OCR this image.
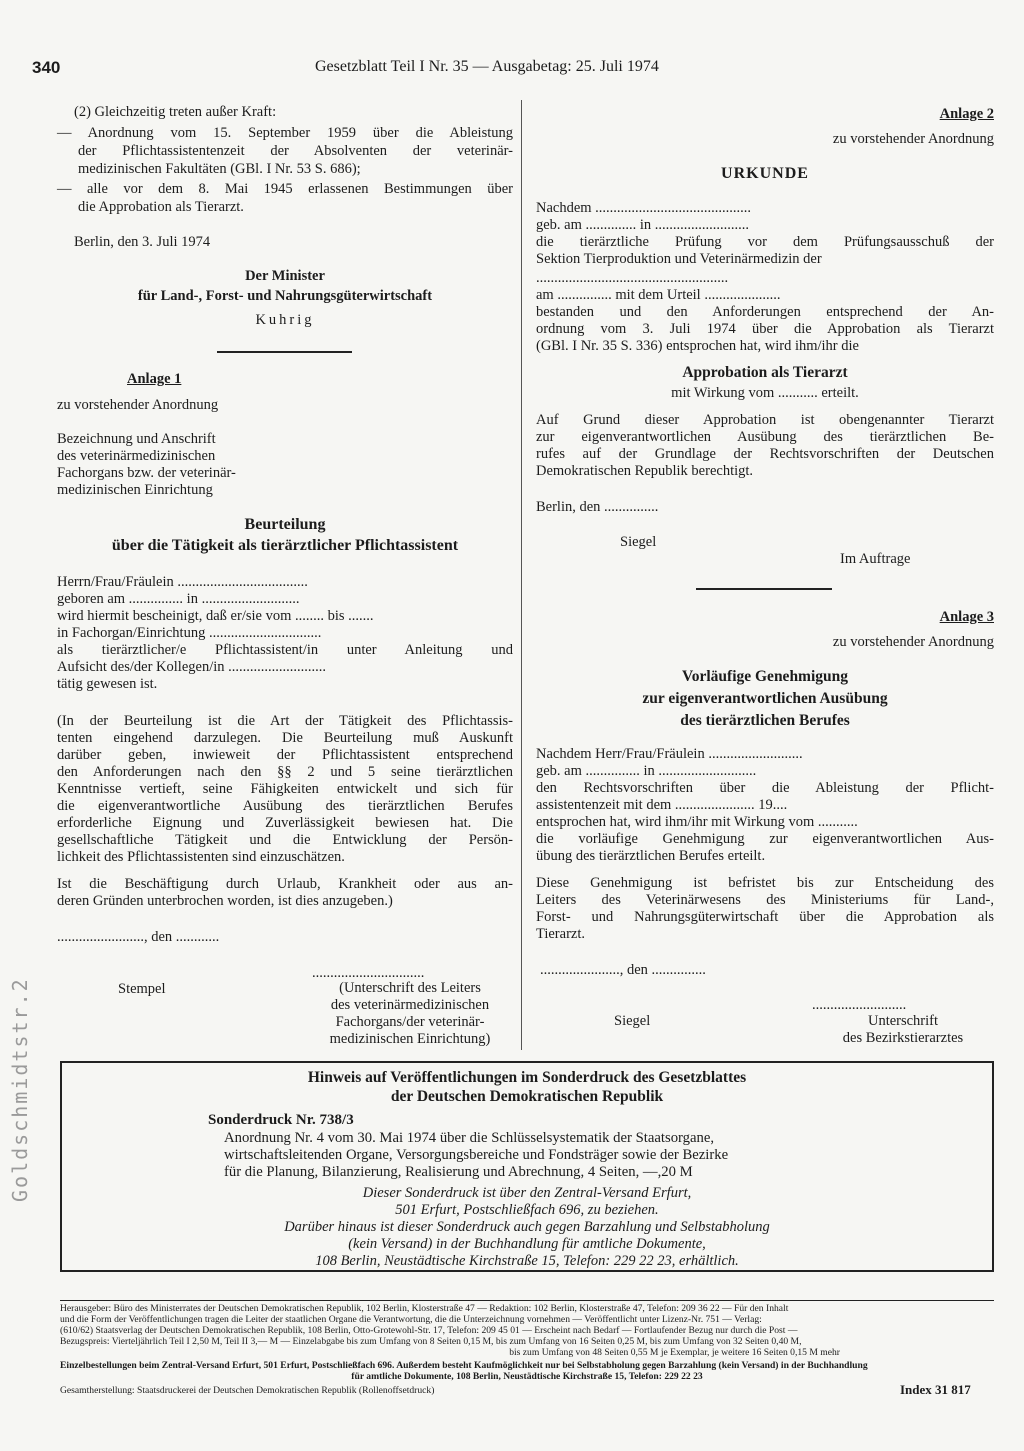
340	Gesetzblatt Teil I Nr. 35 — Ausgabetag: 25. Juli 1974
(2) Gleichzeitig treten außer Kraft:
— Anordnung vom 15. September 1959 über die Ableistung
der Pflichtassistentenzeit der Absolventen der veterinär-
medizinischen Fakultäten (GBl. I Nr. 53 S. 686);
— alle vor dem 8. Mai 1945 erlassenen Bestimmungen über
die Approbation als Tierarzt.
Berlin, den 3. Juli 1974
Der Minister
für Land-, Forst- und Nahrungsgüterwirtschaft
Kuhrig
Anlage 1
zu vorstehender Anordnung
Bezeichnung und Anschrift
des veterinärmedizinischen
Fachorgans bzw. der veterinär-
medizinischen Einrichtung
Beurteilung
über die Tätigkeit als tierärztlicher Pflichtassistent
Herrn/Frau/Fräulein ....................................
geboren am ............... in ...........................
wird hiermit bescheinigt, daß er/sie vom ........ bis .......
in Fachorgan/Einrichtung ...............................
als tierärztlicher/e Pflichtassistent/in unter Anleitung und
Aufsicht des/der Kollegen/in ...........................
tätig gewesen ist.
(In der Beurteilung ist die Art der Tätigkeit des Pflichtassis-
tenten eingehend darzulegen. Die Beurteilung muß Auskunft
darüber geben, inwieweit der Pflichtassistent entsprechend
den Anforderungen nach den §§ 2 und 5 seine tierärztlichen
Kenntnisse vertieft, seine Fähigkeiten entwickelt und sich für
die eigenverantwortliche Ausübung des tierärztlichen Berufes
erforderliche Eignung und Zuverlässigkeit bewiesen hat. Die
gesellschaftliche Tätigkeit und die Entwicklung der Persön-
lichkeit des Pflichtassistenten sind einzuschätzen.
Ist die Beschäftigung durch Urlaub, Krankheit oder aus an-
deren Gründen unterbrochen worden, ist dies anzugeben.)
........................, den ............
Stempel
...............................
(Unterschrift des Leiters
des veterinärmedizinischen
Fachorgans/der veterinär-
medizinischen Einrichtung)
Anlage 2
zu vorstehender Anordnung
URKUNDE
Nachdem ...........................................
geb. am .............. in ..........................
die tierärztliche Prüfung vor dem Prüfungsausschuß der
Sektion Tierproduktion und Veterinärmedizin der
.....................................................
am ............... mit dem Urteil .....................
bestanden und den Anforderungen entsprechend der An-
ordnung vom 3. Juli 1974 über die Approbation als Tierarzt
(GBl. I Nr. 35 S. 336) entsprochen hat, wird ihm/ihr die
Approbation als Tierarzt
mit Wirkung vom ........... erteilt.
Auf Grund dieser Approbation ist obengenannter Tierarzt
zur eigenverantwortlichen Ausübung des tierärztlichen Be-
rufes auf der Grundlage der Rechtsvorschriften der Deutschen
Demokratischen Republik berechtigt.
Berlin, den ...............
Siegel
Im Auftrage
Anlage 3
zu vorstehender Anordnung
Vorläufige Genehmigung
zur eigenverantwortlichen Ausübung
des tierärztlichen Berufes
Nachdem Herr/Frau/Fräulein ..........................
geb. am ............... in ...........................
den Rechtsvorschriften über die Ableistung der Pflicht-
assistentenzeit mit dem ...................... 19....
entsprochen hat, wird ihm/ihr mit Wirkung vom ...........
die vorläufige Genehmigung zur eigenverantwortlichen Aus-
übung des tierärztlichen Berufes erteilt.
Diese Genehmigung ist befristet bis zur Entscheidung des
Leiters des Veterinärwesens des Ministeriums für Land-,
Forst- und Nahrungsgüterwirtschaft über die Approbation als
Tierarzt.
......................, den ...............
..........................
Siegel	Unterschrift
des Bezirkstierarztes
Hinweis auf Veröffentlichungen im Sonderdruck des Gesetzblattes
der Deutschen Demokratischen Republik
Sonderdruck Nr. 738/3
Anordnung Nr. 4 vom 30. Mai 1974 über die Schlüsselsystematik der Staatsorgane,
wirtschaftsleitenden Organe, Versorgungsbereiche und Fondsträger sowie der Bezirke
für die Planung, Bilanzierung, Realisierung und Abrechnung, 4 Seiten, —,20 M
Dieser Sonderdruck ist über den Zentral-Versand Erfurt,
501 Erfurt, Postschließfach 696, zu beziehen.
Darüber hinaus ist dieser Sonderdruck auch gegen Barzahlung und Selbstabholung
(kein Versand) in der Buchhandlung für amtliche Dokumente,
108 Berlin, Neustädtische Kirchstraße 15, Telefon: 229 22 23, erhältlich.
Goldschmidtstr.2
Herausgeber: Büro des Ministerrates der Deutschen Demokratischen Republik, 102 Berlin, Klosterstraße 47 — Redaktion: 102 Berlin, Klosterstraße 47, Telefon: 209 36 22 — Für den Inhalt
und die Form der Veröffentlichungen tragen die Leiter der staatlichen Organe die Verantwortung, die die Unterzeichnung vornehmen — Veröffentlicht unter Lizenz-Nr. 751 — Verlag:
(610/62) Staatsverlag der Deutschen Demokratischen Republik, 108 Berlin, Otto-Grotewohl-Str. 17, Telefon: 209 45 01 — Erscheint nach Bedarf — Fortlaufender Bezug nur durch die Post —
Bezugspreis: Vierteljährlich Teil I 2,50 M, Teil II 3,— M — Einzelabgabe bis zum Umfang von 8 Seiten 0,15 M, bis zum Umfang von 16 Seiten 0,25 M, bis zum Umfang von 32 Seiten 0,40 M,
bis zum Umfang von 48 Seiten 0,55 M je Exemplar, je weitere 16 Seiten 0,15 M mehr
Einzelbestellungen beim Zentral-Versand Erfurt, 501 Erfurt, Postschließfach 696. Außerdem besteht Kaufmöglichkeit nur bei Selbstabholung gegen Barzahlung (kein Versand) in der Buchhandlung
für amtliche Dokumente, 108 Berlin, Neustädtische Kirchstraße 15, Telefon: 229 22 23
Gesamtherstellung: Staatsdruckerei der Deutschen Demokratischen Republik (Rollenoffsetdruck)	Index 31 817
